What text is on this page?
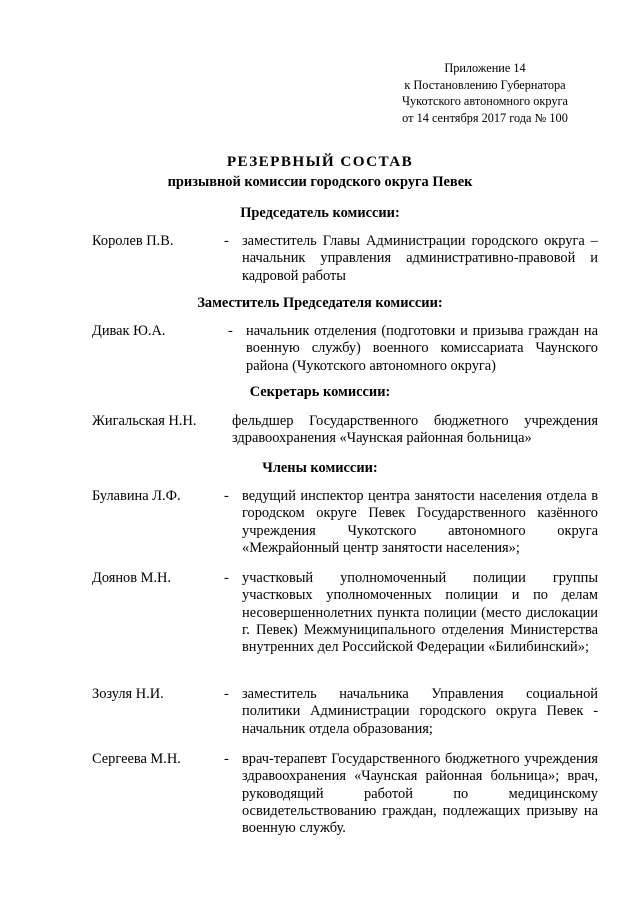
Приложение 14
к Постановлению Губернатора
Чукотского автономного округа
от 14 сентября 2017 года № 100
РЕЗЕРВНЫЙ СОСТАВ
призывной комиссии городского округа Певек
Председатель комиссии:
Королев П.В.	- заместитель Главы Администрации городского округа – начальник управления административно-правовой и кадровой работы
Заместитель Председателя комиссии:
Дивак Ю.А.	- начальник отделения (подготовки и призыва граждан на военную службу) военного комиссариата Чаунского района (Чукотского автономного округа)
Секретарь комиссии:
Жигальская Н.Н. фельдшер Государственного бюджетного учреждения здравоохранения «Чаунская районная больница»
Члены комиссии:
Булавина Л.Ф.	- ведущий инспектор центра занятости населения отдела в городском округе Певек Государственного казённого учреждения Чукотского автономного округа «Межрайонный центр занятости населения»;
Доянов М.Н.	- участковый уполномоченный полиции группы участковых уполномоченных полиции и по делам несовершеннолетних пункта полиции (место дислокации г. Певек) Межмуниципального отделения Министерства внутренних дел Российской Федерации «Билибинский»;
Зозуля Н.И.	- заместитель начальника Управления социальной политики Администрации городского округа Певек - начальник отдела образования;
Сергеева М.Н.	- врач-терапевт Государственного бюджетного учреждения здравоохранения «Чаунская районная больница»; врач, руководящий работой по медицинскому освидетельствованию граждан, подлежащих призыву на военную службу.
